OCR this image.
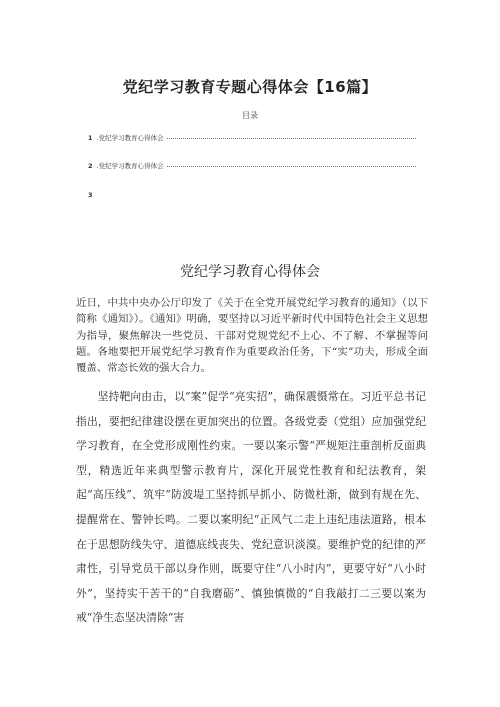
党纪学习教育专题心得体会【16篇】
目录
1 .党纪学习教育心得体会
2 .党纪学习教育心得体会
3
党纪学习教育心得体会

近日，中共中央办公厅印发了《关于在全党开展党纪学习教育的通知》（以下简称《通知》）。《通知》明确，要坚持以习近平新时代中国特色社会主义思想为指导，聚焦解决一些党员、干部对党规党纪不上心、不了解、不掌握等问题。各地要把开展党纪学习教育作为重要政治任务，下“实”功夫，形成全面覆盖、常态长效的强大合力。

坚持靶向由击，以“案”促学“亮实招”，确保震慑常在。习近平总书记指出，要把纪律建设摆在更加突出的位置。各级党委（党组）应加强党纪学习教育，在全党形成刚性约束。一要以案示警“严规矩注重剖析反面典型，精选近年来典型警示教育片，深化开展党性教育和纪法教育，架起“高压线”、筑牢“防波堤工坚持抓早抓小、防微杜渐，做到有规在先、提醒常在、警钟长鸣。二要以案明纪“正风气二走上违纪违法道路，根本在于思想防线失守、道德底线丧失、党纪意识淡漠。要维护党的纪律的严肃性，引导党员干部以身作则，既要守住“八小时内”，更要守好“八小时外”，坚持实干苦干的“自我磨砺”、慎独慎微的“自我敲打二三要以案为戒“净生态坚决清除“害
